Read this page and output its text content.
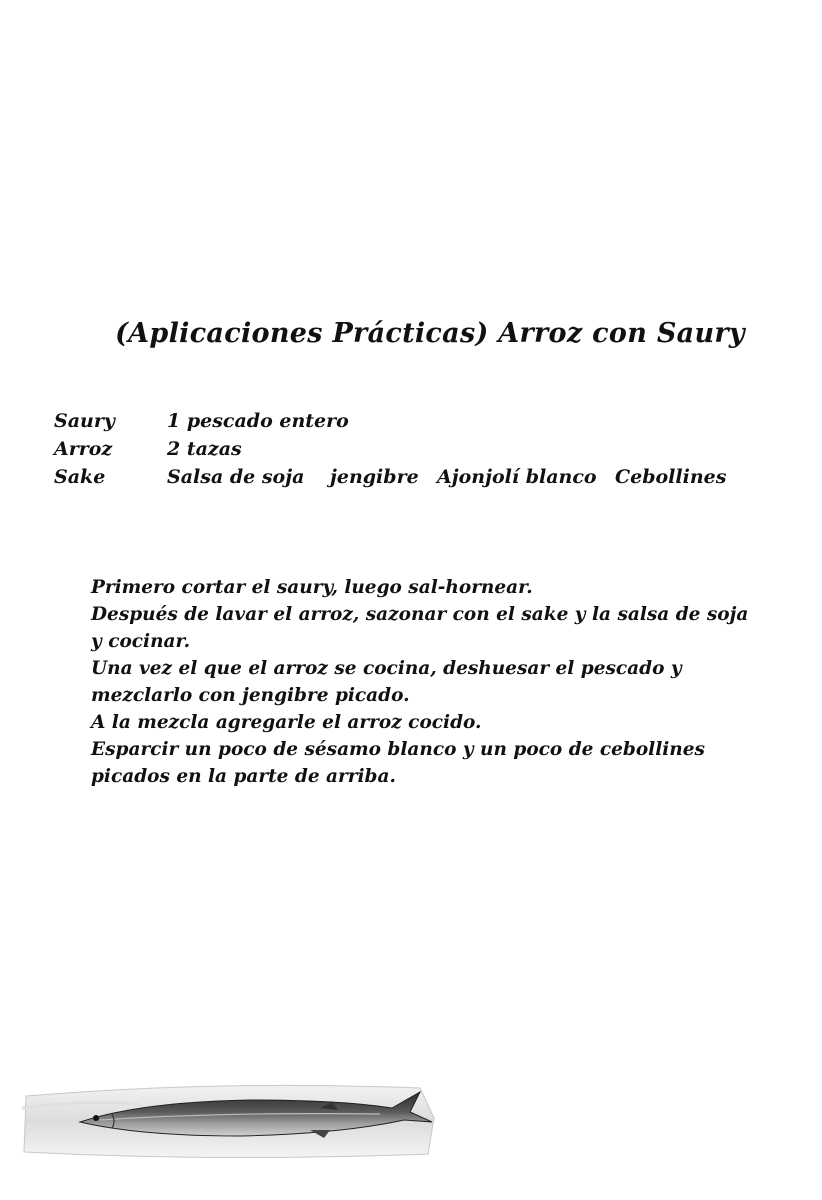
(Aplicaciones Prácticas) Arroz con Saury
Saury	1 pescado entero
Arroz	2 tazas
Sake	Salsa de soja jengibre Ajonjolí blanco Cebollines

Primero cortar el saury, luego sal-hornear.

Después de lavar el arroz, sazonar con el sake y la salsa de soja y cocinar.

Una vez el que el arroz se cocina, deshuesar el pescado y mezclarlo con jengibre picado.

A la mezcla agregarle el arroz cocido.

Esparcir un poco de sésamo blanco y un poco de cebollines picados en la parte de arriba.
